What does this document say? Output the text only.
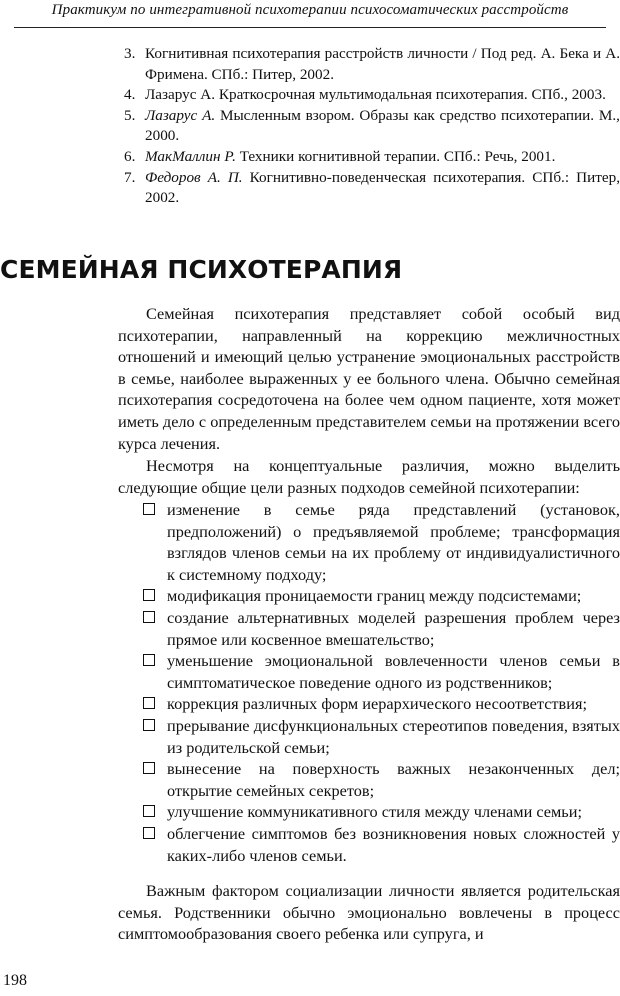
Практикум по интегративной психотерапии психосоматических расстройств
3. Когнитивная психотерапия расстройств личности / Под ред. А. Бека и А. Фримена. СПб.: Питер, 2002.
4. Лазарус А. Краткосрочная мультимодальная психотерапия. СПб., 2003.
5. Лазарус А. Мысленным взором. Образы как средство психотерапии. М., 2000.
6. МакМаллин Р. Техники когнитивной терапии. СПб.: Речь, 2001.
7. Федоров А. П. Когнитивно-поведенческая психотерапия. СПб.: Питер, 2002.
СЕМЕЙНАЯ ПСИХОТЕРАПИЯ

Семейная психотерапия представляет собой особый вид психотерапии, направленный на коррекцию межличностных отношений и имеющий целью устранение эмоциональных расстройств в семье, наиболее выраженных у ее больного члена. Обычно семейная психотерапия сосредоточена на более чем одном пациенте, хотя может иметь дело с определенным представителем семьи на протяжении всего курса лечения.

Несмотря на концептуальные различия, можно выделить следующие общие цели разных подходов семейной психотерапии:

изменение в семье ряда представлений (установок, предположений) о предъявляемой проблеме; трансформация взглядов членов семьи на их проблему от индивидуалистичного к системному подходу;
модификация проницаемости границ между подсистемами;
создание альтернативных моделей разрешения проблем через прямое или косвенное вмешательство;
уменьшение эмоциональной вовлеченности членов семьи в симптоматическое поведение одного из родственников;
коррекция различных форм иерархического несоответствия;
прерывание дисфункциональных стереотипов поведения, взятых из родительской семьи;
вынесение на поверхность важных незаконченных дел; открытие семейных секретов;
улучшение коммуникативного стиля между членами семьи;
облегчение симптомов без возникновения новых сложностей у каких-либо членов семьи.

Важным фактором социализации личности является родительская семья. Родственники обычно эмоционально вовлечены в процесс симптомообразования своего ребенка или супруга, и

198
